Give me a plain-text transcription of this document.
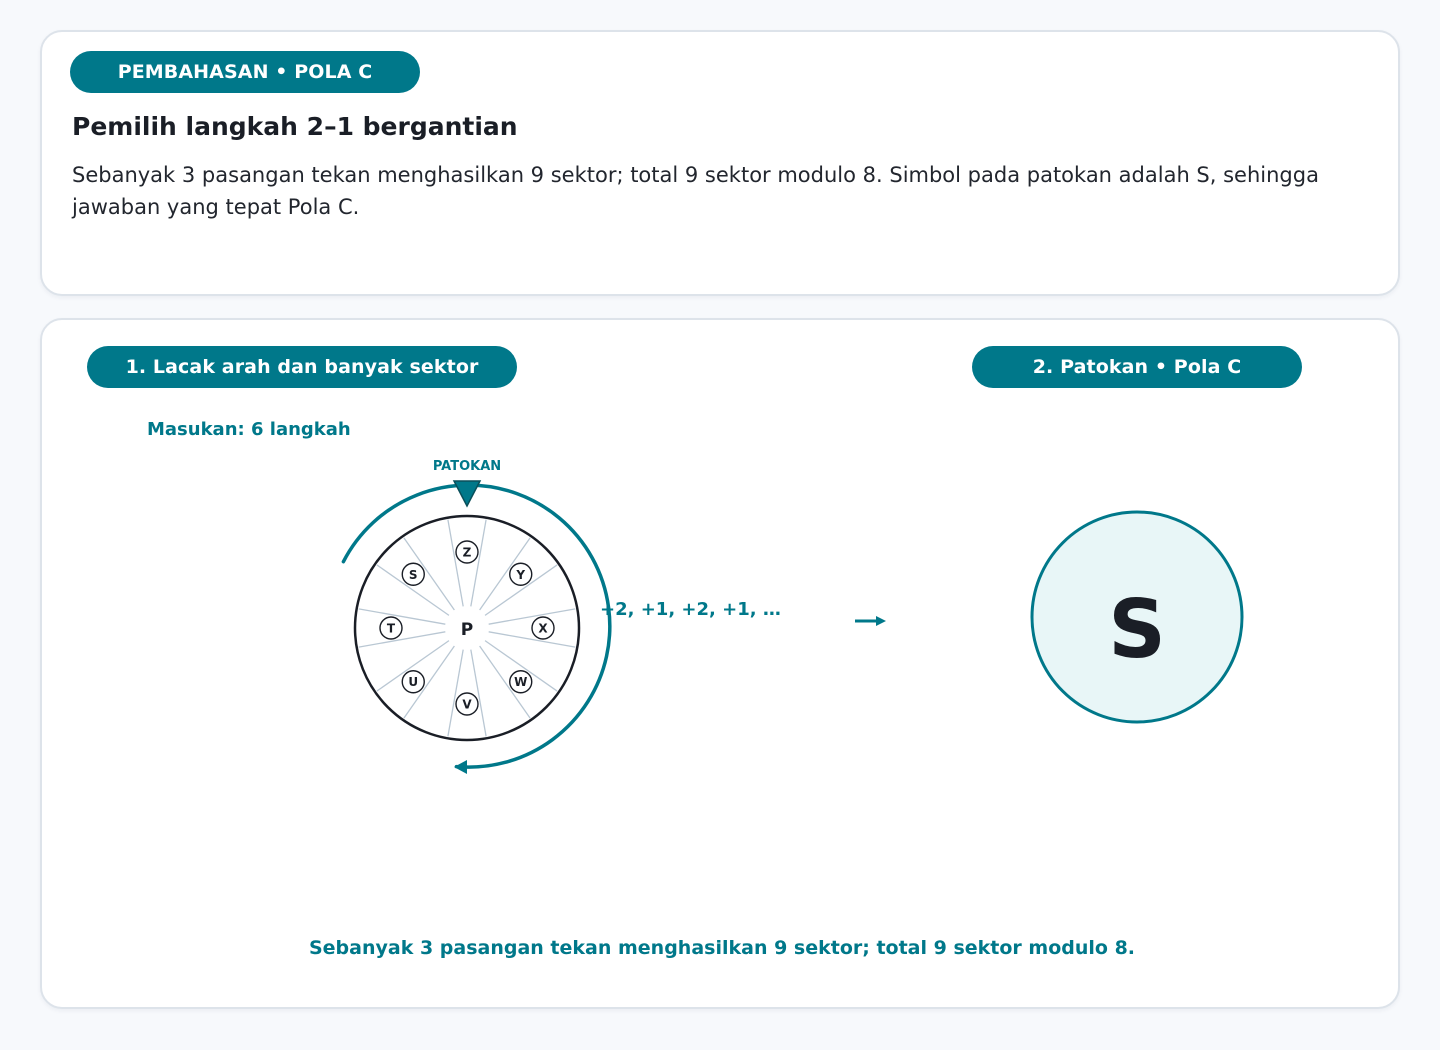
PEMBAHASAN • POLA C
Pemilih langkah 2–1 bergantian
Sebanyak 3 pasangan tekan menghasilkan 9 sektor; total 9 sektor modulo 8. Simbol pada patokan adalah S, sehingga jawaban yang tepat Pola C.
1. Lacak arah dan banyak sektor	2. Patokan • Pola C
Masukan: 6 langkah
P
Z
Y
X
W
V
U
T
S
PATOKAN
+2, +1, +2, +1, …	S
Sebanyak 3 pasangan tekan menghasilkan 9 sektor; total 9 sektor modulo 8.
